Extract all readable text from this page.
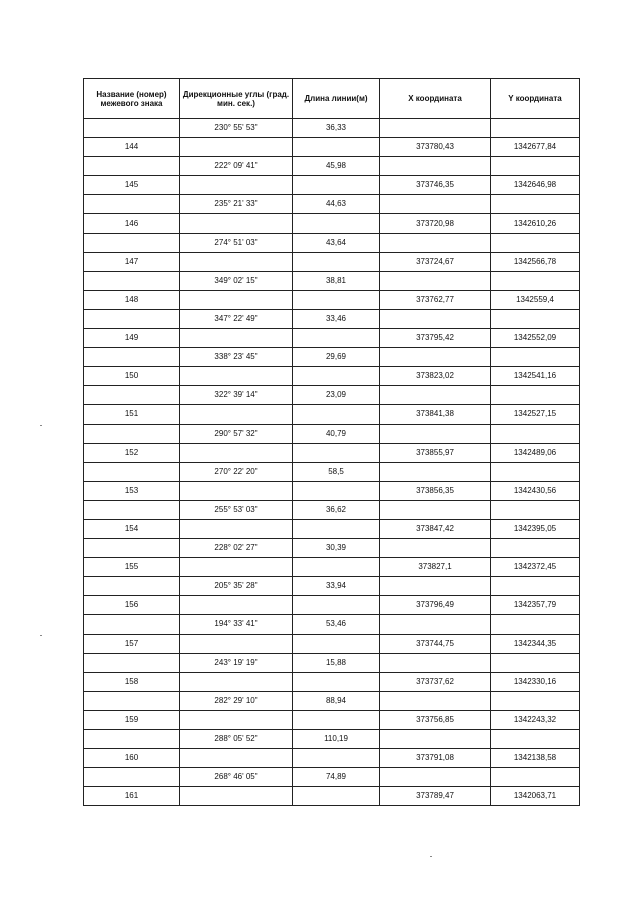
Название (номер) межевого знака	Дирекционные углы (град. мин. сек.)	Длина линии(м)	X координата	Y координата
	230° 55' 53"	36,33		
144			373780,43	1342677,84
	222° 09' 41"	45,98		
145			373746,35	1342646,98
	235° 21' 33"	44,63		
146			373720,98	1342610,26
	274° 51' 03"	43,64		
147			373724,67	1342566,78
	349° 02' 15"	38,81		
148			373762,77	1342559,4
	347° 22' 49"	33,46		
149			373795,42	1342552,09
	338° 23' 45"	29,69		
150			373823,02	1342541,16
	322° 39' 14"	23,09		
151			373841,38	1342527,15
	290° 57' 32"	40,79		
152			373855,97	1342489,06
	270° 22' 20"	58,5		
153			373856,35	1342430,56
	255° 53' 03"	36,62		
154			373847,42	1342395,05
	228° 02' 27"	30,39		
155			373827,1	1342372,45
	205° 35' 28"	33,94		
156			373796,49	1342357,79
	194° 33' 41"	53,46		
157			373744,75	1342344,35
	243° 19' 19"	15,88		
158			373737,62	1342330,16
	282° 29' 10"	88,94		
159			373756,85	1342243,32
	288° 05' 52"	110,19		
160			373791,08	1342138,58
	268° 46' 05"	74,89		
161			373789,47	1342063,71
